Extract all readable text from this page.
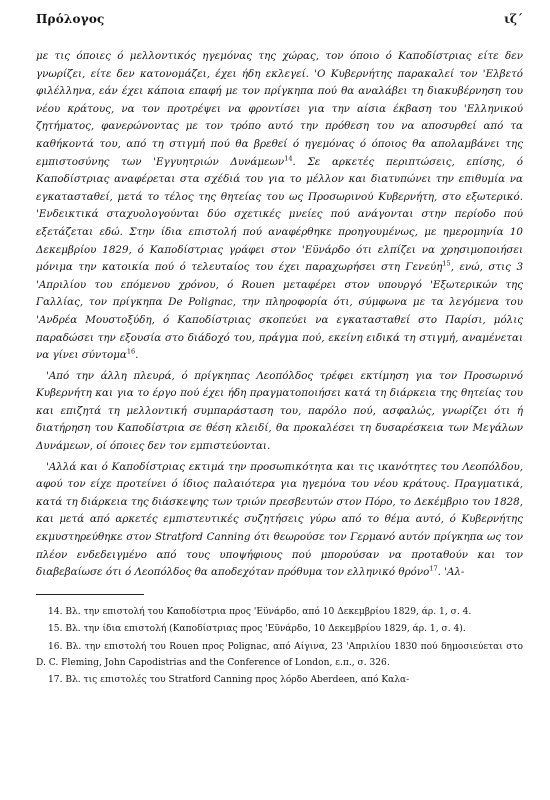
Πρόλογος	ιζ΄

με τις όποιες ό μελλοντικός ηγεμόνας της χώρας, τον όποιο ό Καποδίστριας είτε δεν γνωρίζει, είτε δεν κατονομάζει, έχει ήδη εκλεγεί. 'Ο Κυβερνήτης παρακαλεί τον 'Ελβετό φιλέλληνα, εάν έχει κάποια επαφή με τον πρίγκηπα πού θα αναλάβει τη διακυβέρνηση του νέου κράτους, να τον προτρέψει να φροντίσει για την αίσια έκβαση του 'Ελληνικού ζητήματος, φανερώνοντας με τον τρόπο αυτό την πρόθεση του να αποσυρθεί από τα καθήκοντά του, από τη στιγμή πού θα βρεθεί ό ηγεμόνας ό όποιος θα απολαμβάνει της εμπιστοσύνης των 'Εγγυητριών Δυνάμεων$^{14}$. Σε αρκετές περιπτώσεις, επίσης, ό Καποδίστριας αναφέρεται στα σχέδιά του για το μέλλον και διατυπώνει την επιθυμία να εγκατασταθεί, μετά το τέλος της θητείας του ως Προσωρινού Κυβερνήτη, στο εξωτερικό. 'Ενδεικτικά σταχυολογούνται δύο σχετικές μνείες πού ανάγονται στην περίοδο πού εξετάζεται εδώ. Στην ίδια επιστολή πού αναφέρθηκε προηγουμένως, με ημερομηνία 10 Δεκεμβρίου 1829, ό Καποδίστριας γράφει στον 'Εϋνάρδο ότι ελπίζει να χρησιμοποιήσει μόνιμα την κατοικία πού ό τελευταίος του έχει παραχωρήσει στη Γενεύη$^{15}$, ενώ, στις 3 'Απριλίου του επόμενου χρόνου, ό Rouen μεταφέρει στον υπουργό 'Εξωτερικών της Γαλλίας, τον πρίγκηπα De Polignac, την πληροφορία ότι, σύμφωνα με τα λεγόμενα του 'Ανδρέα Μουστοξύδη, ό Καποδίστριας σκοπεύει να εγκατασταθεί στο Παρίσι, μόλις παραδώσει την εξουσία στο διάδοχό του, πράγμα πού, εκείνη ειδικά τη στιγμή, αναμένεται να γίνει σύντομα$^{16}$.

'Από την άλλη πλευρά, ό πρίγκηπας Λεοπόλδος τρέφει εκτίμηση για τον Προσωρινό Κυβερνήτη και για το έργο πού έχει ήδη πραγματοποιήσει κατά τη διάρκεια της θητείας του και επιζητά τη μελλοντική συμπαράσταση του, παρόλο πού, ασφαλώς, γνωρίζει ότι ή διατήρηση του Καποδίστρια σε θέση κλειδί, θα προκαλέσει τη δυσαρέσκεια των Μεγάλων Δυνάμεων, οί όποιες δεν τον εμπιστεύονται.

'Αλλά και ό Καποδίστριας εκτιμά την προσωπικότητα και τις ικανότητες του Λεοπόλδου, αφού τον είχε προτείνει ό ίδιος παλαιότερα για ηγεμόνα του νέου κράτους. Πραγματικά, κατά τη διάρκεια της διάσκεψης των τριών πρεσβευτών στον Πόρο, το Δεκέμβριο του 1828, και μετά από αρκετές εμπιστευτικές συζητήσεις γύρω από το θέμα αυτό, ό Κυβερνήτης εκμυστηρεύθηκε στον Stratford Canning ότι θεωρούσε τον Γερμανό αυτόν πρίγκηπα ως τον πλέον ενδεδειγμένο από τους υποψήφιους πού μπορούσαν να προταθούν και τον διαβεβαίωσε ότι ό Λεοπόλδος θα αποδεχόταν πρόθυμα τον ελληνικό θρόνο$^{17}$. 'Αλ-

14. Βλ. την επιστολή του Καποδίστρια προς 'Εϋνάρδο, από 10 Δεκεμβρίου 1829, άρ. 1, σ. 4.
15. Βλ. την ίδια επιστολή (Καποδίστριας προς 'Εϋνάρδο, 10 Δεκεμβρίου 1829, άρ. 1, σ. 4).
16. Βλ. την επιστολή του Rouen προς Polignac, από Αίγινα, 23 'Απριλίου 1830 πού δημοσιεύεται στο D. C. Fleming, John Capodistrias and the Conference of London, ε.π., σ. 326.
17. Βλ. τις επιστολές του Stratford Canning προς λόρδο Aberdeen, από Καλα-
